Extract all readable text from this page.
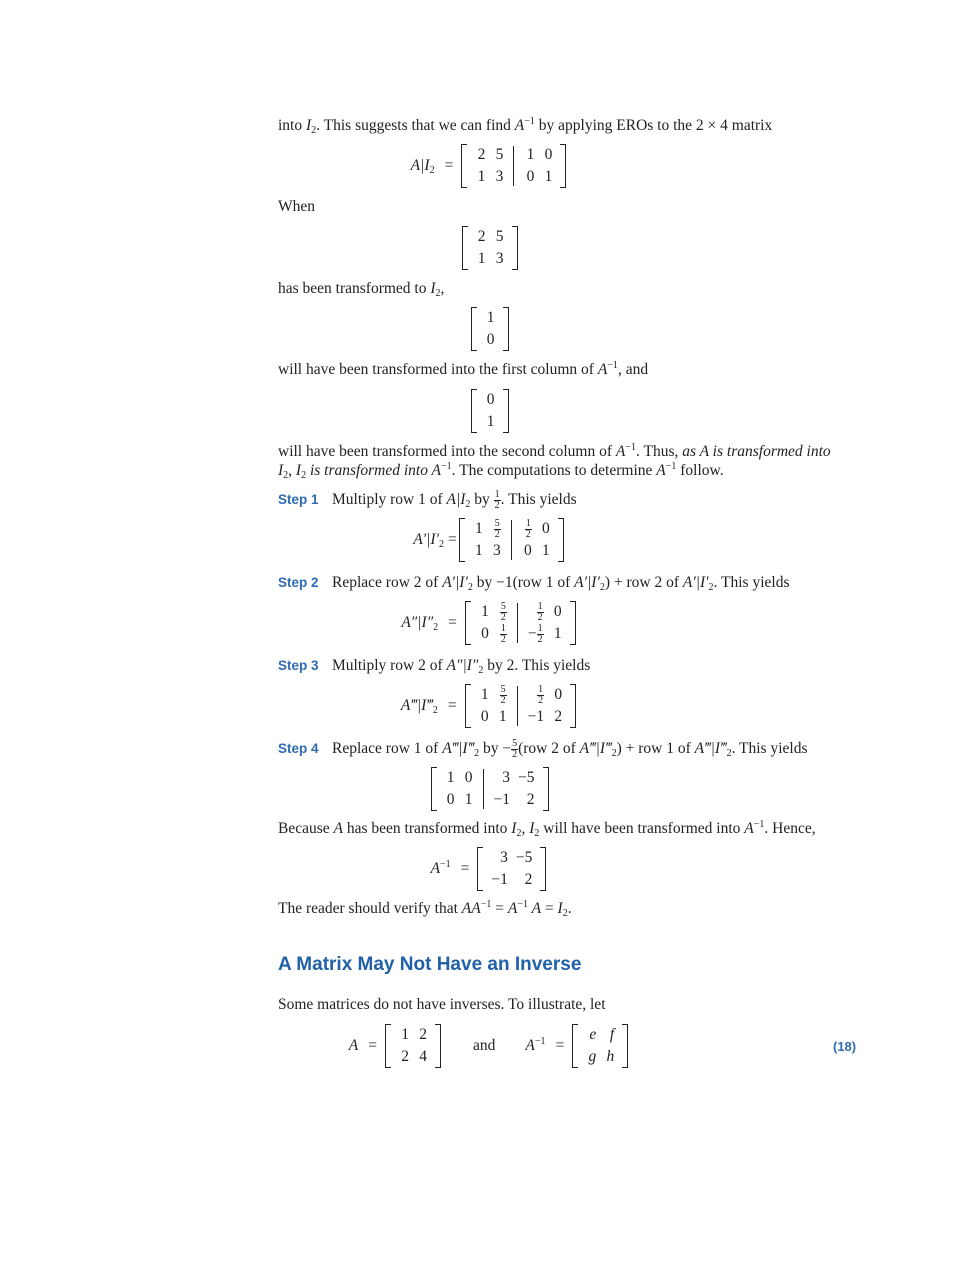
into $I_2$. This suggests that we can find $A^{-1}$ by applying EROs to the 2 × 4 matrix
$A|I_2$ =
2
1
5
3
1
0
0
1
When
2
1
5
3
has been transformed to $I_2$,
1
0
will have been transformed into the first column of $A^{-1}$, and
0
1
will have been transformed into the second column of $A^{-1}$. Thus, as A is transformed into
$I_2$, $I_2$ is transformed into $A^{-1}$. The computations to determine $A^{-1}$ follow.
Step 1 Multiply row 1 of $A|I_2$ by $\frac{1}{2}$ . This yields
$A'|I'_2$ =
1
1
$\frac{5}{2}$
3
$\frac{1}{2}$
0
0
1
Step 2 Replace row 2 of $A'|I'_2$ by −1(row 1 of $A'|I'_2$) + row 2 of $A'|I'_2$. This yields
$A''|I''_2$ =
1
0
$\frac{5}{2}$
$\frac{1}{2}$
$\frac{1}{2}$
− $\frac{1}{2}$
0
1
Step 3 Multiply row 2 of $A''|I''_2$ by 2. This yields
$A‴|I‴_2$ =
1
0
$\frac{5}{2}$
1
$\frac{1}{2}$
−1
0
2
Step 4 Replace row 1 of $A‴|I‴_2$ by − $\frac{5}{2} (row$ 2 of $A‴|I‴_2$) + row 1 of $A‴|I‴_2$. This yields
1
0
0
1
3
−1
−5
2
Because A has been transformed into $I_2$, $I_2$ will have been transformed into $A^{-1}$. Hence,
$A^{-1}$ =
3
−1
−5
2
The reader should verify that $AA^{-1} = A^{-1}$ $A = I_2$.
A Matrix May Not Have an Inverse
Some matrices do not have inverses. To illustrate, let
A =
1
2
2
4
and $A^{-1}$ =
e
g
f
h
(18)
